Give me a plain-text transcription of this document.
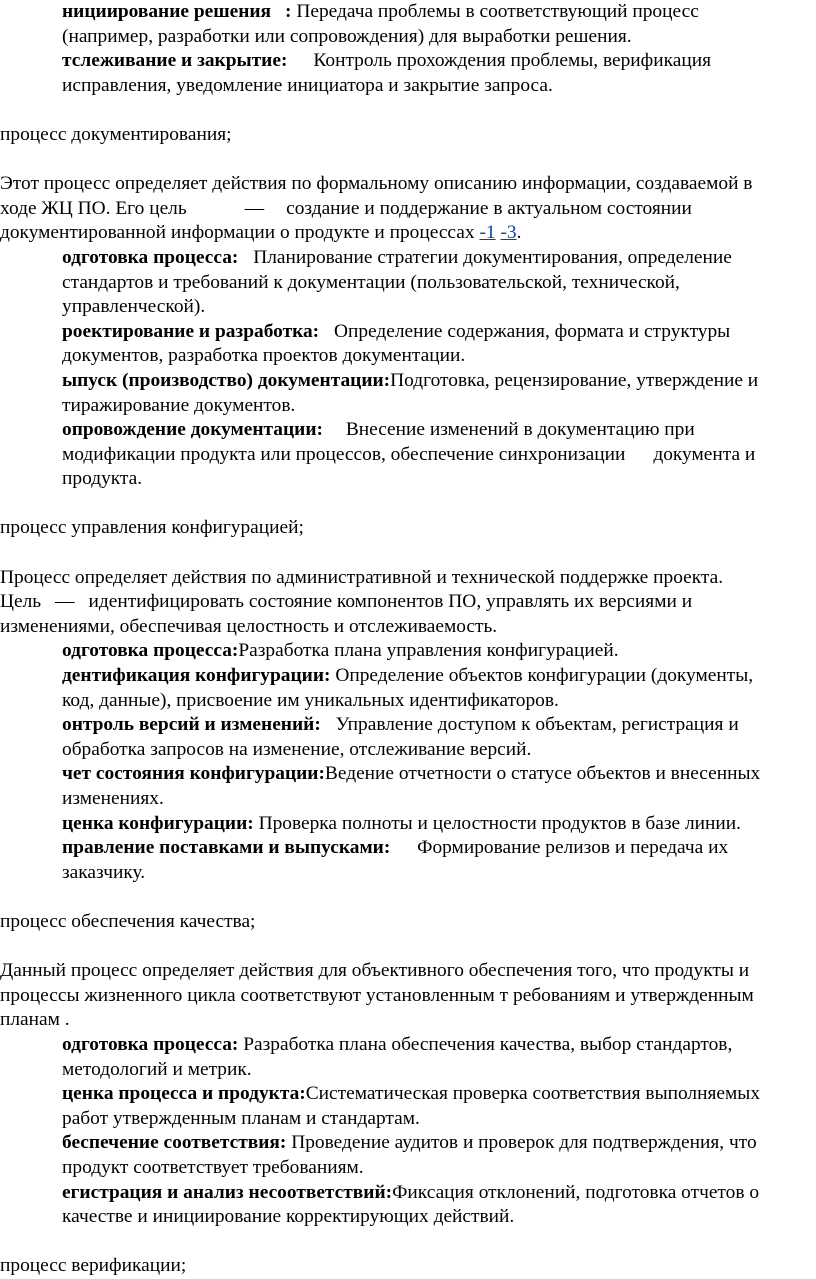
нициирование решения : Передача проблемы в соответствующий процесс
(например, разработки или сопровождения) для выработки решения.
тслеживание и закрытие: Контроль прохождения проблемы, верификация
исправления, уведомление инициатора и закрытие запроса.
процесс документирования;
Этот процесс определяет действия по формальному описанию информации, создаваемой в
ходе ЖЦ ПО. Его цель	— создание и поддержание в актуальном состоянии
документированной информации о продукте и процессах -1 -3.
одготовка процесса: Планирование стратегии документирования, определение
стандартов и требований к документации (пользовательской, технической,
управленческой).
роектирование и разработка: Определение содержания, формата и структуры
документов, разработка проектов документации.
ыпуск (производство) документации:Подготовка, рецензирование, утверждение и
тиражирование документов.
опровождение документации: Внесение изменений в документацию при
модификации продукта или процессов, обеспечение синхронизации документа и
продукта.
процесс управления конфигурацией;
Процесс определяет действия по административной и технической поддержке проекта.
Цель — идентифицировать состояние компонентов ПО, управлять их версиями и
изменениями, обеспечивая целостность и отслеживаемость.
одготовка процесса:Разработка плана управления конфигурацией.
дентификация конфигурации: Определение объектов конфигурации (документы,
код, данные), присвоение им уникальных идентификаторов.
онтроль версий и изменений: Управление доступом к объектам, регистрация и
обработка запросов на изменение, отслеживание версий.
чет состояния конфигурации:Ведение отчетности о статусе объектов и внесенных
изменениях.
ценка конфигурации: Проверка полноты и целостности продуктов в базе линии.
правление поставками и выпусками: Формирование релизов и передача их
заказчику.
процесс обеспечения качества;
Данный процесс определяет действия для объективного обеспечения того, что продукты и
процессы жизненного цикла соответствуют установленным т ребованиям и утвержденным
планам .
одготовка процесса: Разработка плана обеспечения качества, выбор стандартов,
методологий и метрик.
ценка процесса и продукта:Систематическая проверка соответствия выполняемых
работ утвержденным планам и стандартам.
беспечение соответствия: Проведение аудитов и проверок для подтверждения, что
продукт соответствует требованиям.
егистрация и анализ несоответствий:Фиксация отклонений, подготовка отчетов о
качестве и инициирование корректирующих действий.
процесс верификации;
